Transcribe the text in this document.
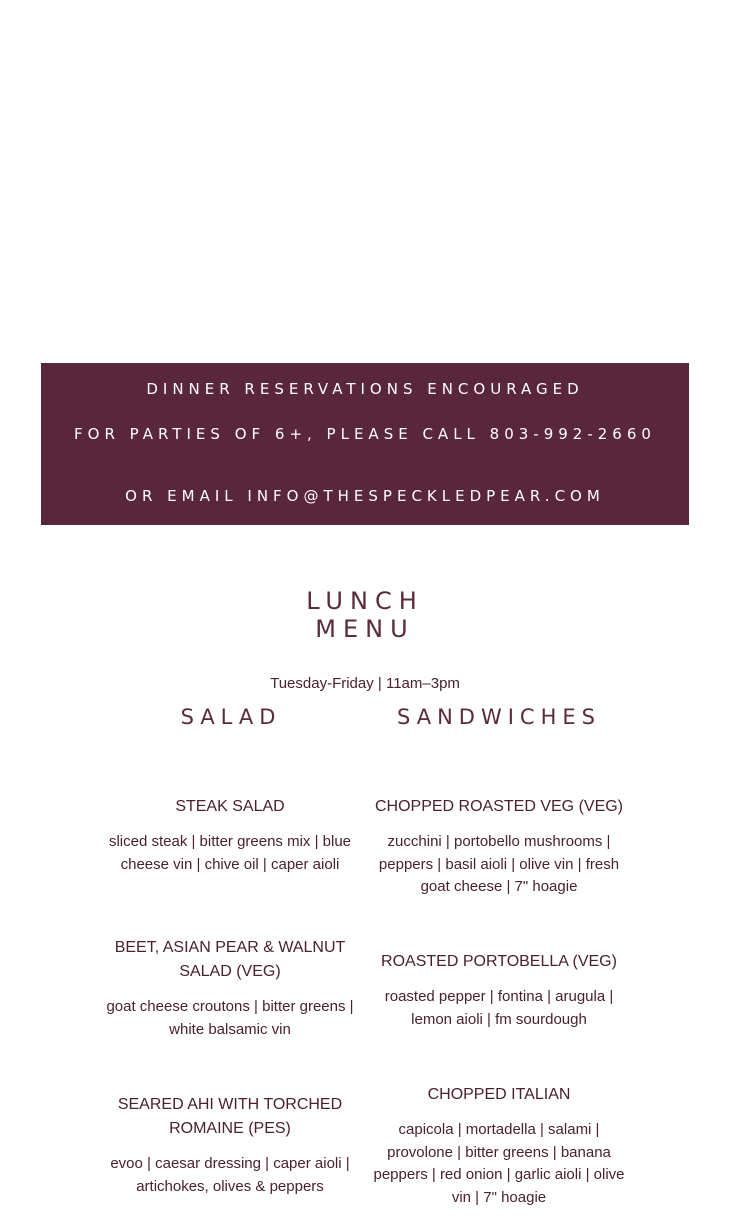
DINNER RESERVATIONS ENCOURAGED
FOR PARTIES OF 6+, PLEASE CALL 803-992-2660
OR EMAIL INFO@THESPECKLEDPEAR.COM
LUNCH
MENU
Tuesday-Friday | 11am–3pm
SALAD	SANDWICHES

STEAK SALAD

sliced steak | bitter greens mix | blue cheese vin | chive oil | caper aioli

BEET, ASIAN PEAR & WALNUT SALAD (VEG)

goat cheese croutons | bitter greens | white balsamic vin

SEARED AHI WITH TORCHED ROMAINE (PES)

evoo | caesar dressing | caper aioli | artichokes, olives & peppers

CHOPPED ROASTED VEG (VEG)

zucchini | portobello mushrooms | peppers | basil aioli | olive vin | fresh goat cheese | 7" hoagie

ROASTED PORTOBELLA (VEG)

roasted pepper | fontina | arugula | lemon aioli | fm sourdough

CHOPPED ITALIAN

capicola | mortadella | salami | provolone | bitter greens | banana peppers | red onion | garlic aioli | olive vin | 7" hoagie
